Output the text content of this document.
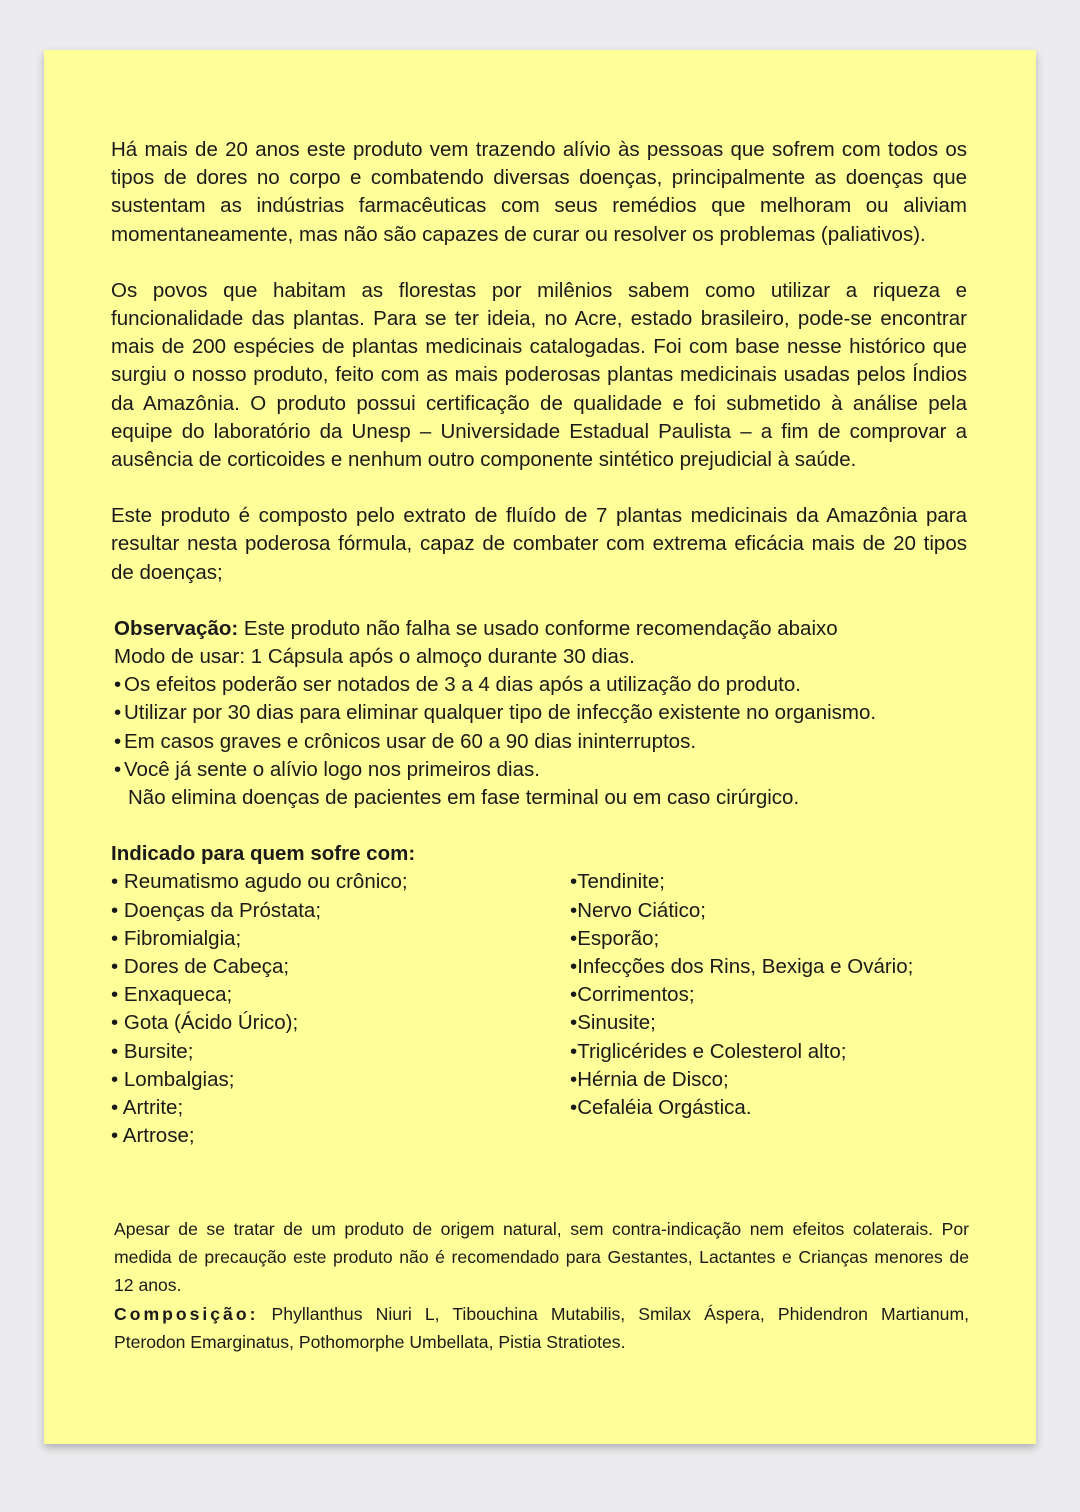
Há mais de 20 anos este produto vem trazendo alívio às pessoas que sofrem com todos os tipos de dores no corpo e combatendo diversas doenças, principalmente as doenças que sustentam as indústrias farmacêuticas com seus remédios que melhoram ou aliviam momentaneamente, mas não são capazes de curar ou resolver os problemas (paliativos).

Os povos que habitam as florestas por milênios sabem como utilizar a riqueza e funcionalidade das plantas. Para se ter ideia, no Acre, estado brasileiro, pode-se encontrar mais de 200 espécies de plantas medicinais catalogadas. Foi com base nesse histórico que surgiu o nosso produto, feito com as mais poderosas plantas medicinais usadas pelos Índios da Amazônia. O produto possui certificação de qualidade e foi submetido à análise pela equipe do laboratório da Unesp – Universidade Estadual Paulista – a fim de comprovar a ausência de corticoides e nenhum outro componente sintético prejudicial à saúde.

Este produto é composto pelo extrato de fluído de 7 plantas medicinais da Amazônia para resultar nesta poderosa fórmula, capaz de combater com extrema eficácia mais de 20 tipos de doenças;

Observação: Este produto não falha se usado conforme recomendação abaixo
Modo de usar: 1 Cápsula após o almoço durante 30 dias.
• Os efeitos poderão ser notados de 3 a 4 dias após a utilização do produto.
• Utilizar por 30 dias para eliminar qualquer tipo de infecção existente no organismo.
• Em casos graves e crônicos usar de 60 a 90 dias ininterruptos.
• Você já sente o alívio logo nos primeiros dias.
Não elimina doenças de pacientes em fase terminal ou em caso cirúrgico.

Indicado para quem sofre com:

• Reumatismo agudo ou crônico;
• Doenças da Próstata;
• Fibromialgia;
• Dores de Cabeça;
• Enxaqueca;
• Gota (Ácido Úrico);
• Bursite;
• Lombalgias;
• Artrite;
• Artrose;
•Tendinite;
•Nervo Ciático;
•Esporão;
•Infecções dos Rins, Bexiga e Ovário;
•Corrimentos;
•Sinusite;
•Triglicérides e Colesterol alto;
•Hérnia de Disco;
•Cefaléia Orgástica.

Apesar de se tratar de um produto de origem natural, sem contra-indicação nem efeitos colaterais. Por medida de precaução este produto não é recomendado para Gestantes, Lactantes e Crianças menores de 12 anos.

Composição: Phyllanthus Niuri L, Tibouchina Mutabilis, Smilax Áspera, Phidendron Martianum, Pterodon Emarginatus, Pothomorphe Umbellata, Pistia Stratiotes.
